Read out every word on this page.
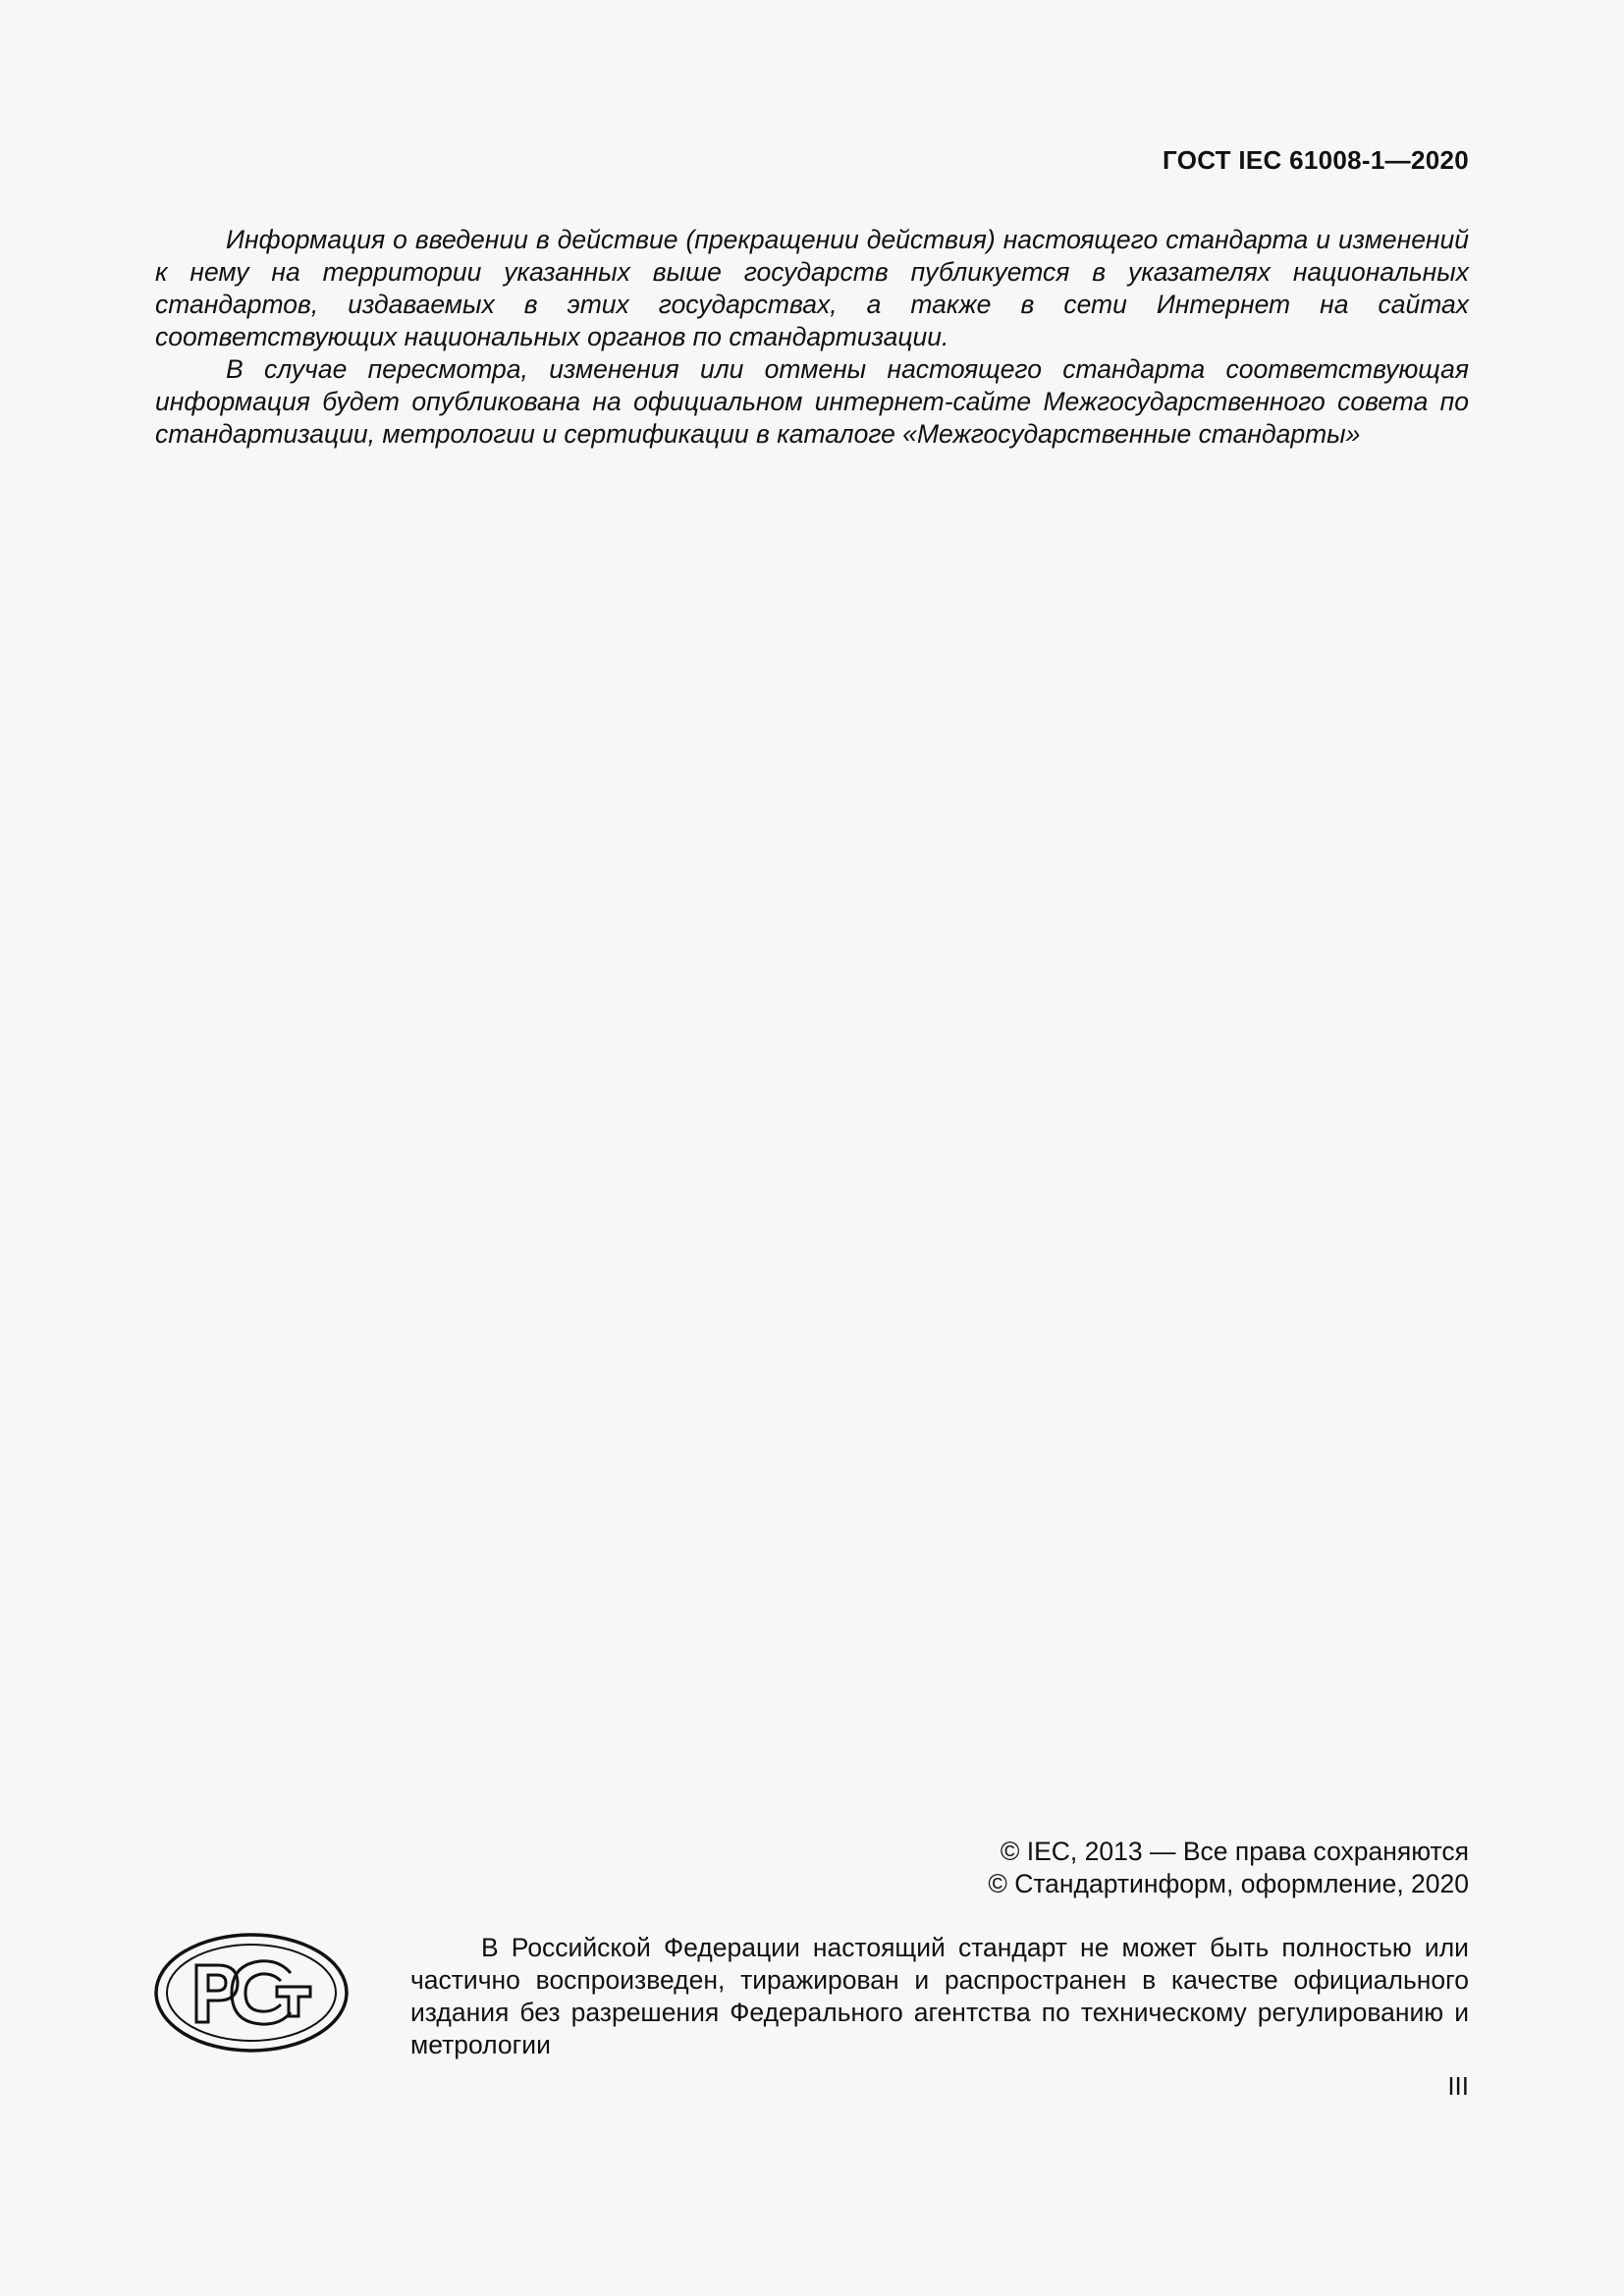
ГОСТ IEC 61008-1—2020

Информация о введении в действие (прекращении действия) настоящего стандарта и изменений к нему на территории указанных выше государств публикуется в указателях национальных стандартов, издаваемых в этих государствах, а также в сети Интернет на сайтах соответствующих национальных органов по стандартизации.

В случае пересмотра, изменения или отмены настоящего стандарта соответствующая информация будет опубликована на официальном интернет-сайте Межгосударственного совета по стандартизации, метрологии и сертификации в каталоге «Межгосударственные стандарты»

© IEC, 2013 — Все права сохраняются
© Стандартинформ, оформление, 2020

В Российской Федерации настоящий стандарт не может быть полностью или частично воспроизведен, тиражирован и распространен в качестве официального издания без разрешения Федерального агентства по техническому регулированию и метрологии

III
